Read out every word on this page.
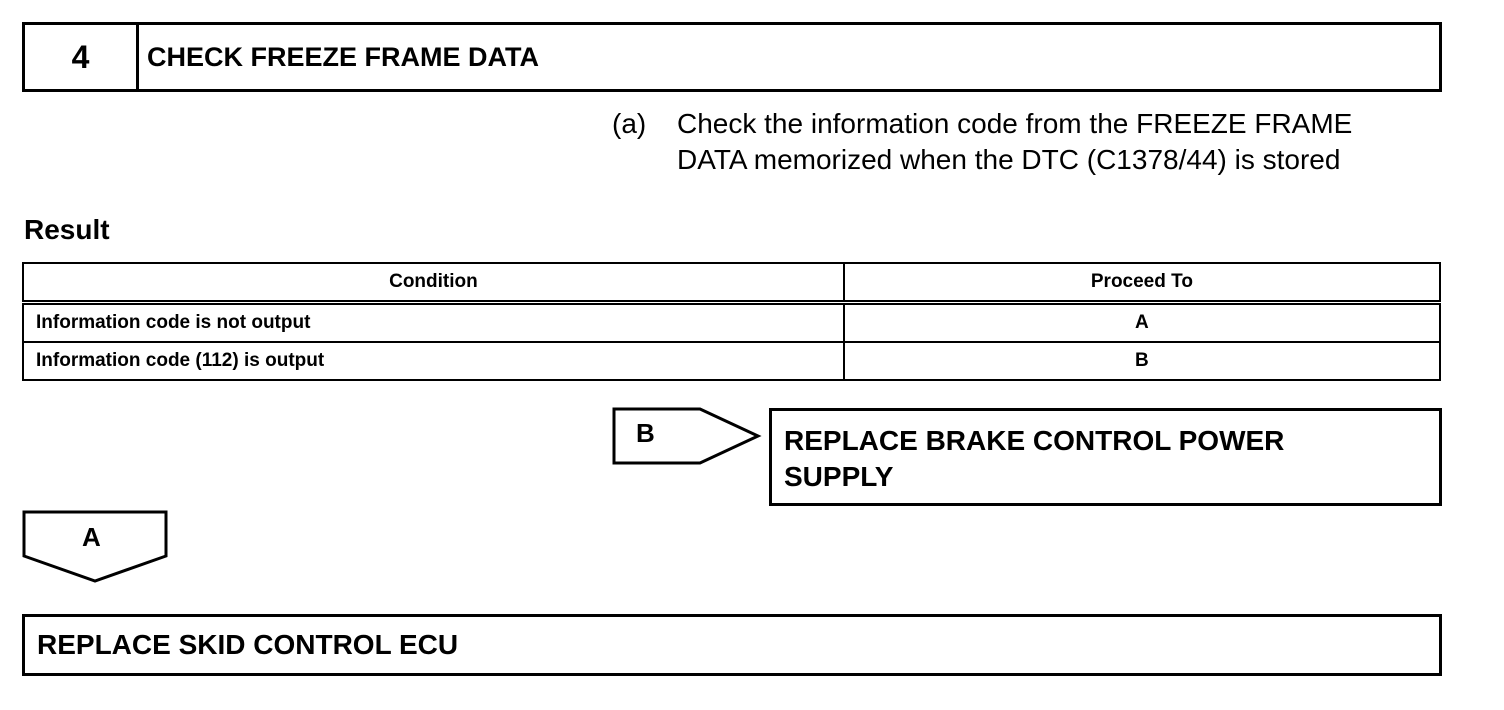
4	CHECK FREEZE FRAME DATA
(a) Check the information code from the FREEZE FRAME
DATA memorized when the DTC (C1378/44) is stored
Result
Condition	Proceed To
Information code is not output	A
Information code (112) is output	B
B	REPLACE BRAKE CONTROL POWER
SUPPLY
A
REPLACE SKID CONTROL ECU
